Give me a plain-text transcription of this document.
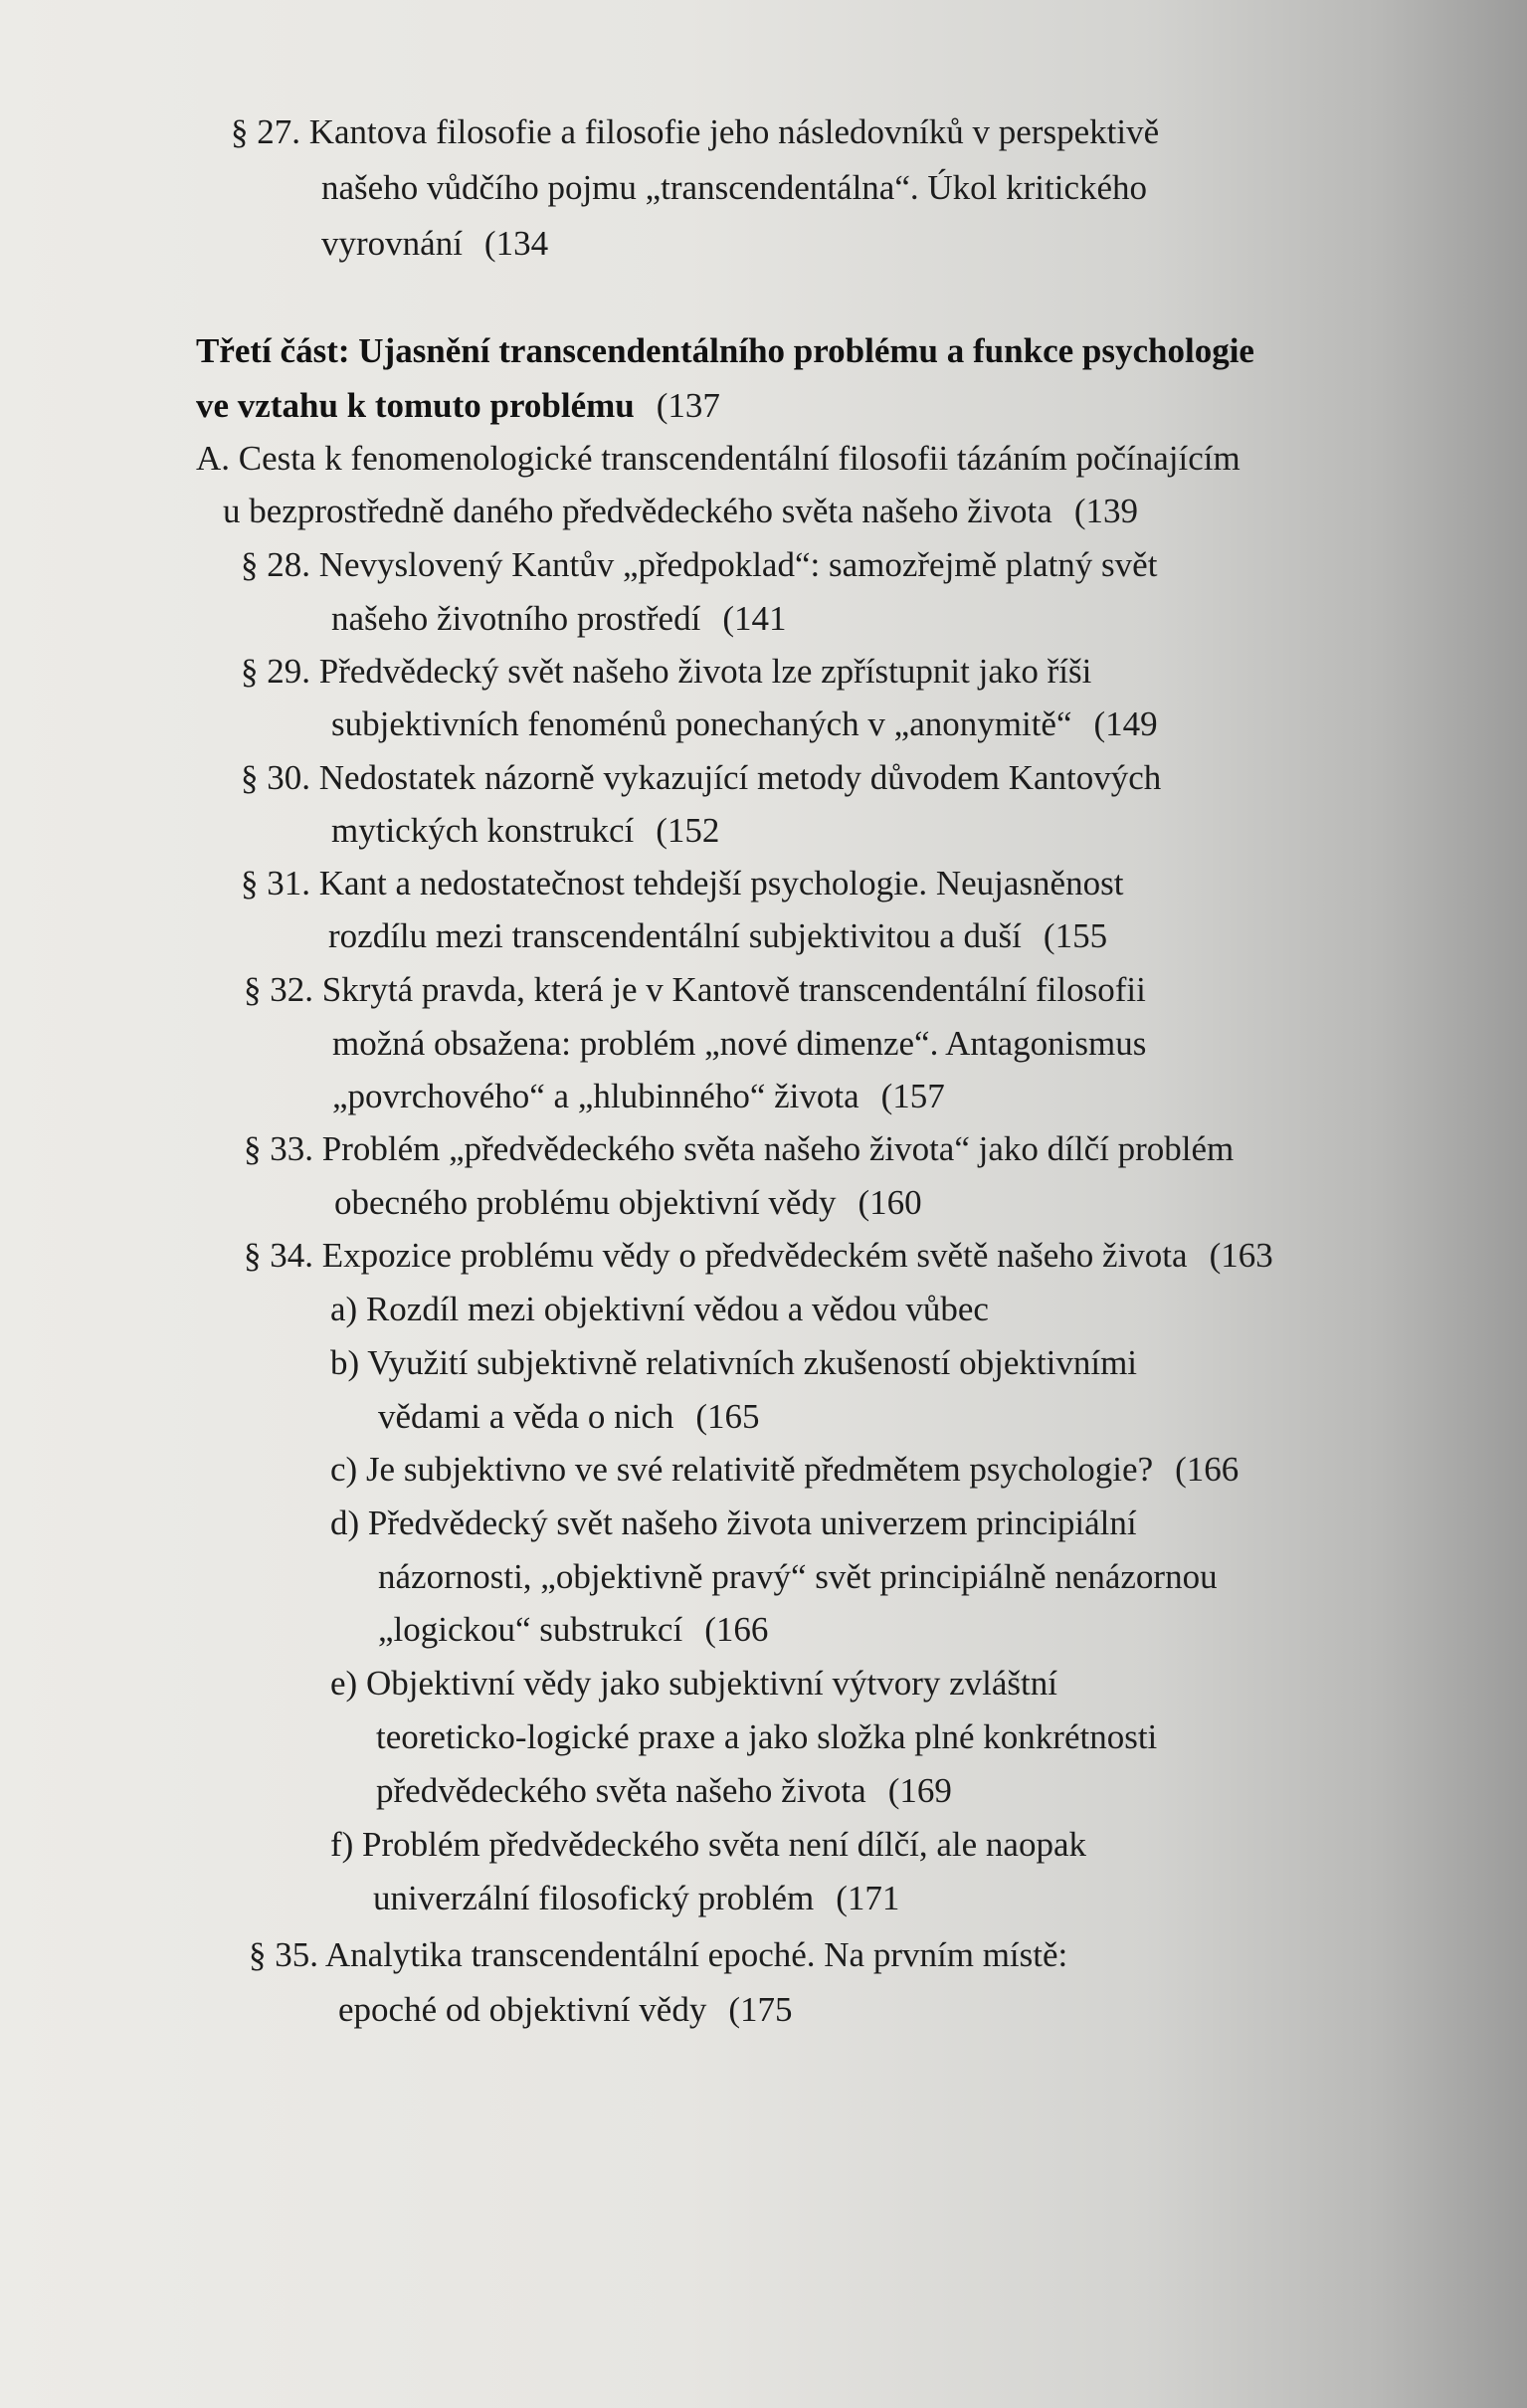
§ 27. Kantova filosofie a filosofie jeho následovníků v perspektivě
našeho vůdčího pojmu „transcendentálna“. Úkol kritického
vyrovnání (134
Třetí část: Ujasnění transcendentálního problému a funkce psychologie
ve vztahu k tomuto problému (137
A. Cesta k fenomenologické transcendentální filosofii tázáním počínajícím
u bezprostředně daného předvědeckého světa našeho života (139
§ 28. Nevyslovený Kantův „předpoklad“: samozřejmě platný svět
našeho životního prostředí (141
§ 29. Předvědecký svět našeho života lze zpřístupnit jako říši
subjektivních fenoménů ponechaných v „anonymitě“ (149
§ 30. Nedostatek názorně vykazující metody důvodem Kantových
mytických konstrukcí (152
§ 31. Kant a nedostatečnost tehdejší psychologie. Neujasněnost
rozdílu mezi transcendentální subjektivitou a duší (155
§ 32. Skrytá pravda, která je v Kantově transcendentální filosofii
možná obsažena: problém „nové dimenze“. Antagonismus
„povrchového“ a „hlubinného“ života (157
§ 33. Problém „předvědeckého světa našeho života“ jako dílčí problém
obecného problému objektivní vědy (160
§ 34. Expozice problému vědy o předvědeckém světě našeho života (163
a) Rozdíl mezi objektivní vědou a vědou vůbec
b) Využití subjektivně relativních zkušeností objektivními
vědami a věda o nich (165
c) Je subjektivno ve své relativitě předmětem psychologie? (166
d) Předvědecký svět našeho života univerzem principiální
názornosti, „objektivně pravý“ svět principiálně nenázornou
„logickou“ substrukcí (166
e) Objektivní vědy jako subjektivní výtvory zvláštní
teoreticko-logické praxe a jako složka plné konkrétnosti
předvědeckého světa našeho života (169
f) Problém předvědeckého světa není dílčí, ale naopak
univerzální filosofický problém (171
§ 35. Analytika transcendentální epoché. Na prvním místě:
epoché od objektivní vědy (175
